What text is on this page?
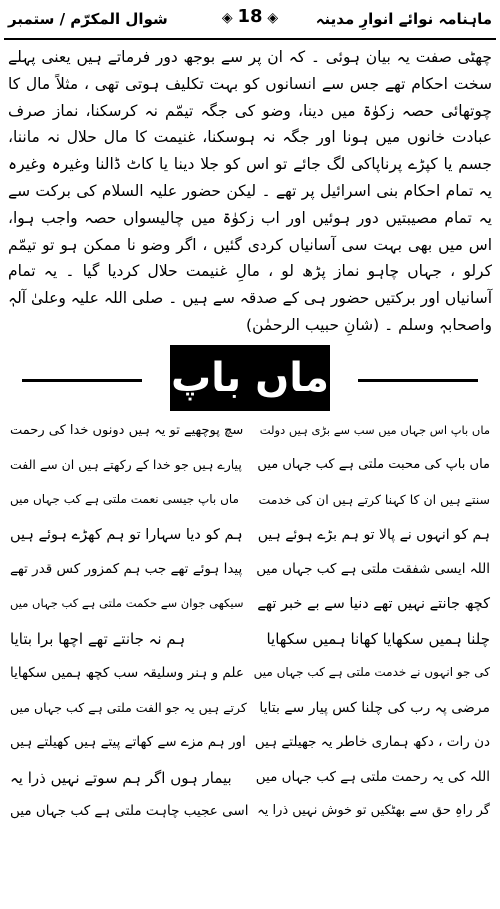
شوال المکرّم / ستمبر
◈	18 ◈	ماہنامہ نوائے انوارِ مدینہ

چھٹی صفت یہ بیان ہوئی ۔ کہ ان پر سے بوجھ دور فرماتے ہیں یعنی پہلے سخت احکام تھے جس سے انسانوں کو بہت تکلیف ہوتی تھی ، مثلاً مال کا چوتھائی حصہ زکوٰۃ میں دینا، وضو کی جگہ تیمّم نہ کرسکنا، نماز صرف عبادت خانوں میں ہونا اور جگہ نہ ہوسکنا، غنیمت کا مال حلال نہ ماننا، جسم یا کپڑے پرناپاکی لگ جائے تو اس کو جلا دینا یا کاٹ ڈالنا وغیرہ وغیرہ یہ تمام احکام بنی اسرائیل پر تھے ۔ لیکن حضور علیہ السلام کی برکت سے یہ تمام مصیبتیں دور ہوئیں اور اب زکوٰۃ میں چالیسواں حصہ واجب ہوا، اس میں بھی بہت سی آسانیاں کردی گئیں ، اگر وضو نا ممکن ہو تو تیمّم کرلو ، جہاں چاہو نماز پڑھ لو ، مالِ غنیمت حلال کردیا گیا ۔ یہ تمام آسانیاں اور برکتیں حضور ہی کے صدقہ سے ہیں ۔ صلی اللہ علیہ وعلیٰ آلہٖ واصحابہٖ وسلم ۔ (شانِ حبیب الرحمٰن)

ماں باپ
ماں باپ اس جہاں میں سب سے بڑی ہیں دولت
سچ پوچھیے تو یہ ہیں دونوں خدا کی رحمت
ماں باپ کی محبت ملتی ہے کب جہاں میں
پیارے ہیں جو خدا کے رکھتے ہیں ان سے الفت
سنتے ہیں ان کا کہنا کرتے ہیں ان کی خدمت
ماں باپ جیسی نعمت ملتی ہے کب جہاں میں
ہم کو انہوں نے پالا تو ہم بڑے ہوئے ہیں
ہم کو دیا سہارا تو ہم کھڑے ہوئے ہیں
اللہ ایسی شفقت ملتی ہے کب جہاں میں
پیدا ہوئے تھے جب ہم کمزور کس قدر تھے
کچھ جانتے نہیں تھے دنیا سے بے خبر تھے
سیکھی جوان سے حکمت ملتی ہے کب جہاں میں
چلنا ہمیں سکھایا کھانا ہمیں سکھایا
ہم نہ جانتے تھے اچھا برا بتایا
کی جو انہوں نے خدمت ملتی ہے کب جہاں میں
علم و ہنر وسلیقہ سب کچھ ہمیں سکھایا
مرضی پہ رب کی چلنا کس پیار سے بتایا
کرتے ہیں یہ جو الفت ملتی ہے کب جہاں میں
دن رات ، دکھ ہماری خاطر یہ جھیلتے ہیں
اور ہم مزے سے کھاتے پیتے ہیں کھیلتے ہیں
اللہ کی یہ رحمت ملتی ہے کب جہاں میں
بیمار ہوں اگر ہم سوتے نہیں ذرا یہ
گر راہِ حق سے بھٹکیں تو خوش نہیں ذرا یہ
اسی عجیب چاہت ملتی ہے کب جہاں میں
